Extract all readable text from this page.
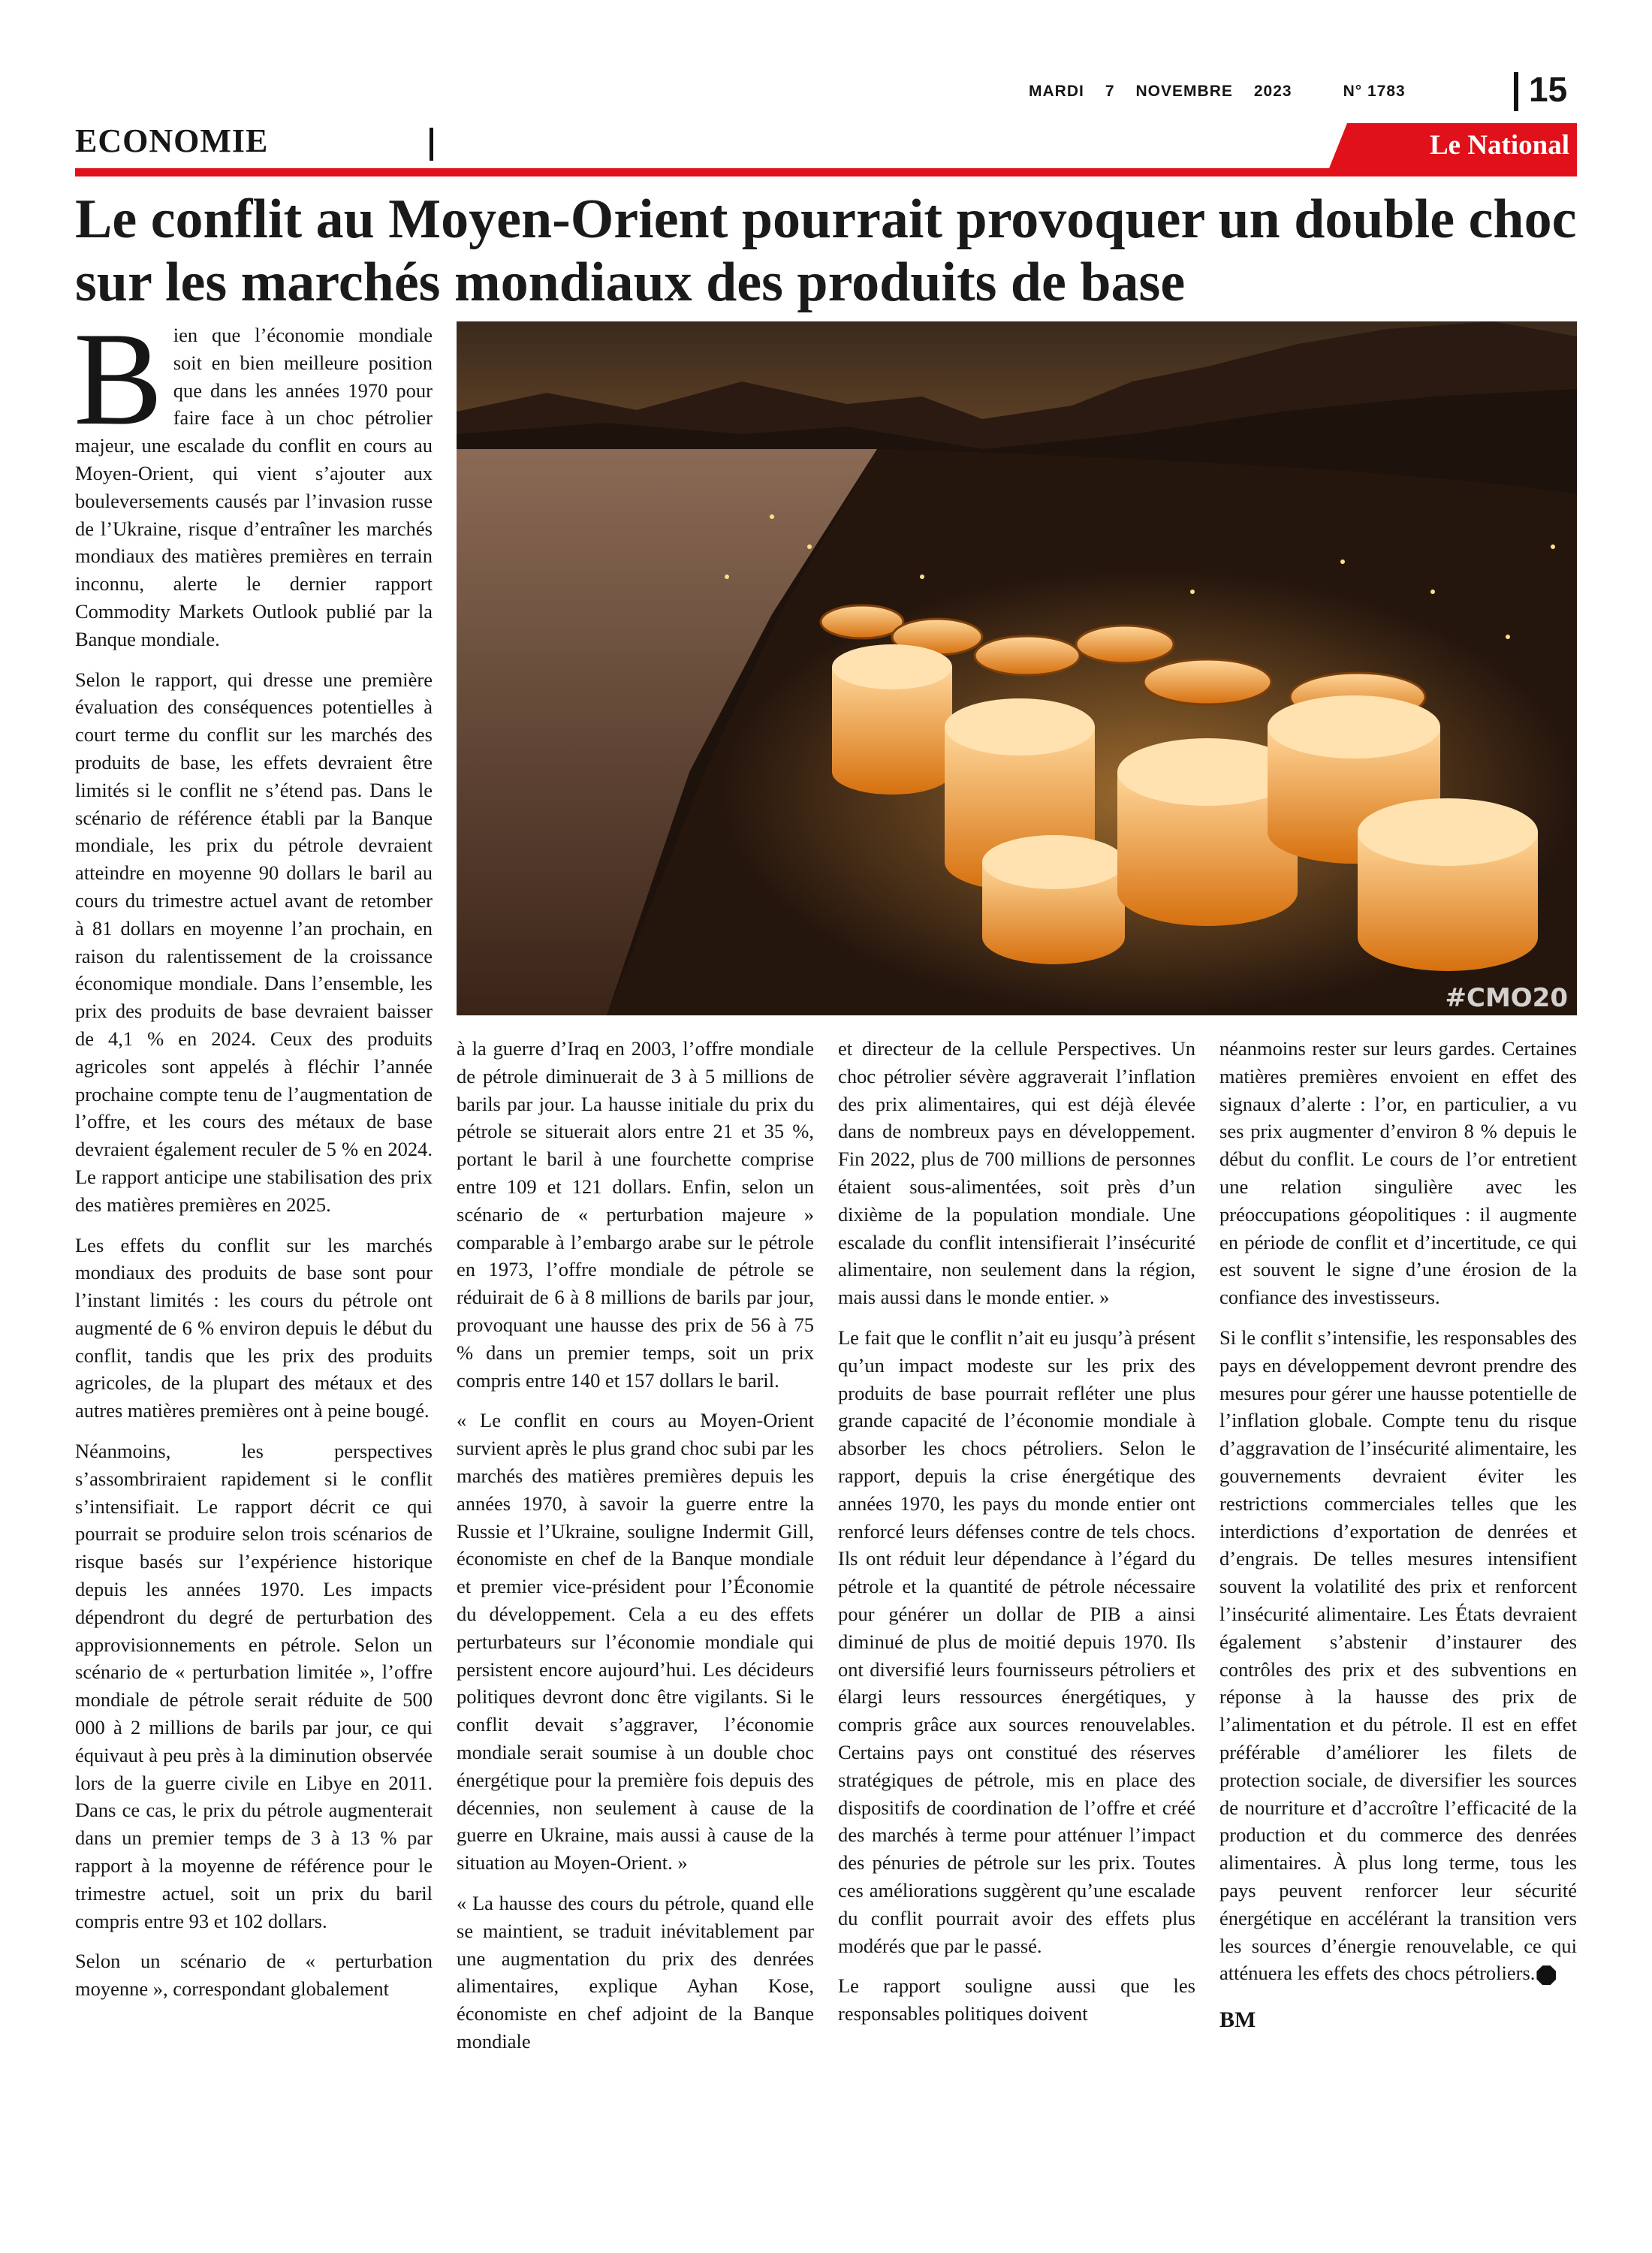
MARDI 7 NOVEMBRE 2023	N° 1783	15
ECONOMIE	Le National
Le conflit au Moyen-Orient pourrait provoquer un double choc sur les marchés mondiaux des produits de base
#CMO20

Bien que l’économie mondiale soit en bien meilleure position que dans les années 1970 pour faire face à un choc pétrolier majeur, une escalade du conflit en cours au Moyen-Orient, qui vient s’ajouter aux bouleversements causés par l’invasion russe de l’Ukraine, risque d’entraîner les marchés mondiaux des matières premières en terrain inconnu, alerte le dernier rapport Commodity Markets Outlook publié par la Banque mondiale.

Selon le rapport, qui dresse une première évaluation des conséquences potentielles à court terme du conflit sur les marchés des produits de base, les effets devraient être limités si le conflit ne s’étend pas. Dans le scénario de référence établi par la Banque mondiale, les prix du pétrole devraient atteindre en moyenne 90 dollars le baril au cours du trimestre actuel avant de retomber à 81 dollars en moyenne l’an prochain, en raison du ralentissement de la croissance économique mondiale. Dans l’ensemble, les prix des produits de base devraient baisser de 4,1 % en 2024. Ceux des produits agricoles sont appelés à fléchir l’année prochaine compte tenu de l’augmentation de l’offre, et les cours des métaux de base devraient également reculer de 5 % en 2024. Le rapport anticipe une stabilisation des prix des matières premières en 2025.

Les effets du conflit sur les marchés mondiaux des produits de base sont pour l’instant limités : les cours du pétrole ont augmenté de 6 % environ depuis le début du conflit, tandis que les prix des produits agricoles, de la plupart des métaux et des autres matières premières ont à peine bougé.

Néanmoins, les perspectives s’assombriraient rapidement si le conflit s’intensifiait. Le rapport décrit ce qui pourrait se produire selon trois scénarios de risque basés sur l’expérience historique depuis les années 1970. Les impacts dépendront du degré de perturbation des approvisionnements en pétrole. Selon un scénario de « perturbation limitée », l’offre mondiale de pétrole serait réduite de 500 000 à 2 millions de barils par jour, ce qui équivaut à peu près à la diminution observée lors de la guerre civile en Libye en 2011. Dans ce cas, le prix du pétrole augmenterait dans un premier temps de 3 à 13 % par rapport à la moyenne de référence pour le trimestre actuel, soit un prix du baril compris entre 93 et 102 dollars.

Selon un scénario de « perturbation moyenne », correspondant globalement

à la guerre d’Iraq en 2003, l’offre mondiale de pétrole diminuerait de 3 à 5 millions de barils par jour. La hausse initiale du prix du pétrole se situerait alors entre 21 et 35 %, portant le baril à une fourchette comprise entre 109 et 121 dollars. Enfin, selon un scénario de « perturbation majeure » comparable à l’embargo arabe sur le pétrole en 1973, l’offre mondiale de pétrole se réduirait de 6 à 8 millions de barils par jour, provoquant une hausse des prix de 56 à 75 % dans un premier temps, soit un prix compris entre 140 et 157 dollars le baril.

« Le conflit en cours au Moyen-Orient survient après le plus grand choc subi par les marchés des matières premières depuis les années 1970, à savoir la guerre entre la Russie et l’Ukraine, souligne Indermit Gill, économiste en chef de la Banque mondiale et premier vice-président pour l’Économie du développement. Cela a eu des effets perturbateurs sur l’économie mondiale qui persistent encore aujourd’hui. Les décideurs politiques devront donc être vigilants. Si le conflit devait s’aggraver, l’économie mondiale serait soumise à un double choc énergétique pour la première fois depuis des décennies, non seulement à cause de la guerre en Ukraine, mais aussi à cause de la situation au Moyen-Orient. »

« La hausse des cours du pétrole, quand elle se maintient, se traduit inévitablement par une augmentation du prix des denrées alimentaires, explique Ayhan Kose, économiste en chef adjoint de la Banque mondiale

et directeur de la cellule Perspectives. Un choc pétrolier sévère aggraverait l’inflation des prix alimentaires, qui est déjà élevée dans de nombreux pays en développement. Fin 2022, plus de 700 millions de personnes étaient sous-alimentées, soit près d’un dixième de la population mondiale. Une escalade du conflit intensifierait l’insécurité alimentaire, non seulement dans la région, mais aussi dans le monde entier. »

Le fait que le conflit n’ait eu jusqu’à présent qu’un impact modeste sur les prix des produits de base pourrait refléter une plus grande capacité de l’économie mondiale à absorber les chocs pétroliers. Selon le rapport, depuis la crise énergétique des années 1970, les pays du monde entier ont renforcé leurs défenses contre de tels chocs. Ils ont réduit leur dépendance à l’égard du pétrole et la quantité de pétrole nécessaire pour générer un dollar de PIB a ainsi diminué de plus de moitié depuis 1970. Ils ont diversifié leurs fournisseurs pétroliers et élargi leurs ressources énergétiques, y compris grâce aux sources renouvelables. Certains pays ont constitué des réserves stratégiques de pétrole, mis en place des dispositifs de coordination de l’offre et créé des marchés à terme pour atténuer l’impact des pénuries de pétrole sur les prix. Toutes ces améliorations suggèrent qu’une escalade du conflit pourrait avoir des effets plus modérés que par le passé.

Le rapport souligne aussi que les responsables politiques doivent

néanmoins rester sur leurs gardes. Certaines matières premières envoient en effet des signaux d’alerte : l’or, en particulier, a vu ses prix augmenter d’environ 8 % depuis le début du conflit. Le cours de l’or entretient une relation singulière avec les préoccupations géopolitiques : il augmente en période de conflit et d’incertitude, ce qui est souvent le signe d’une érosion de la confiance des investisseurs.

Si le conflit s’intensifie, les responsables des pays en développement devront prendre des mesures pour gérer une hausse potentielle de l’inflation globale. Compte tenu du risque d’aggravation de l’insécurité alimentaire, les gouvernements devraient éviter les restrictions commerciales telles que les interdictions d’exportation de denrées et d’engrais. De telles mesures intensifient souvent la volatilité des prix et renforcent l’insécurité alimentaire. Les États devraient également s’abstenir d’instaurer des contrôles des prix et des subventions en réponse à la hausse des prix de l’alimentation et du pétrole. Il est en effet préférable d’améliorer les filets de protection sociale, de diversifier les sources de nourriture et d’accroître l’efficacité de la production et du commerce des denrées alimentaires. À plus long terme, tous les pays peuvent renforcer leur sécurité énergétique en accélérant la transition vers les sources d’énergie renouvelable, ce qui atténuera les effets des chocs pétroliers.

BM
